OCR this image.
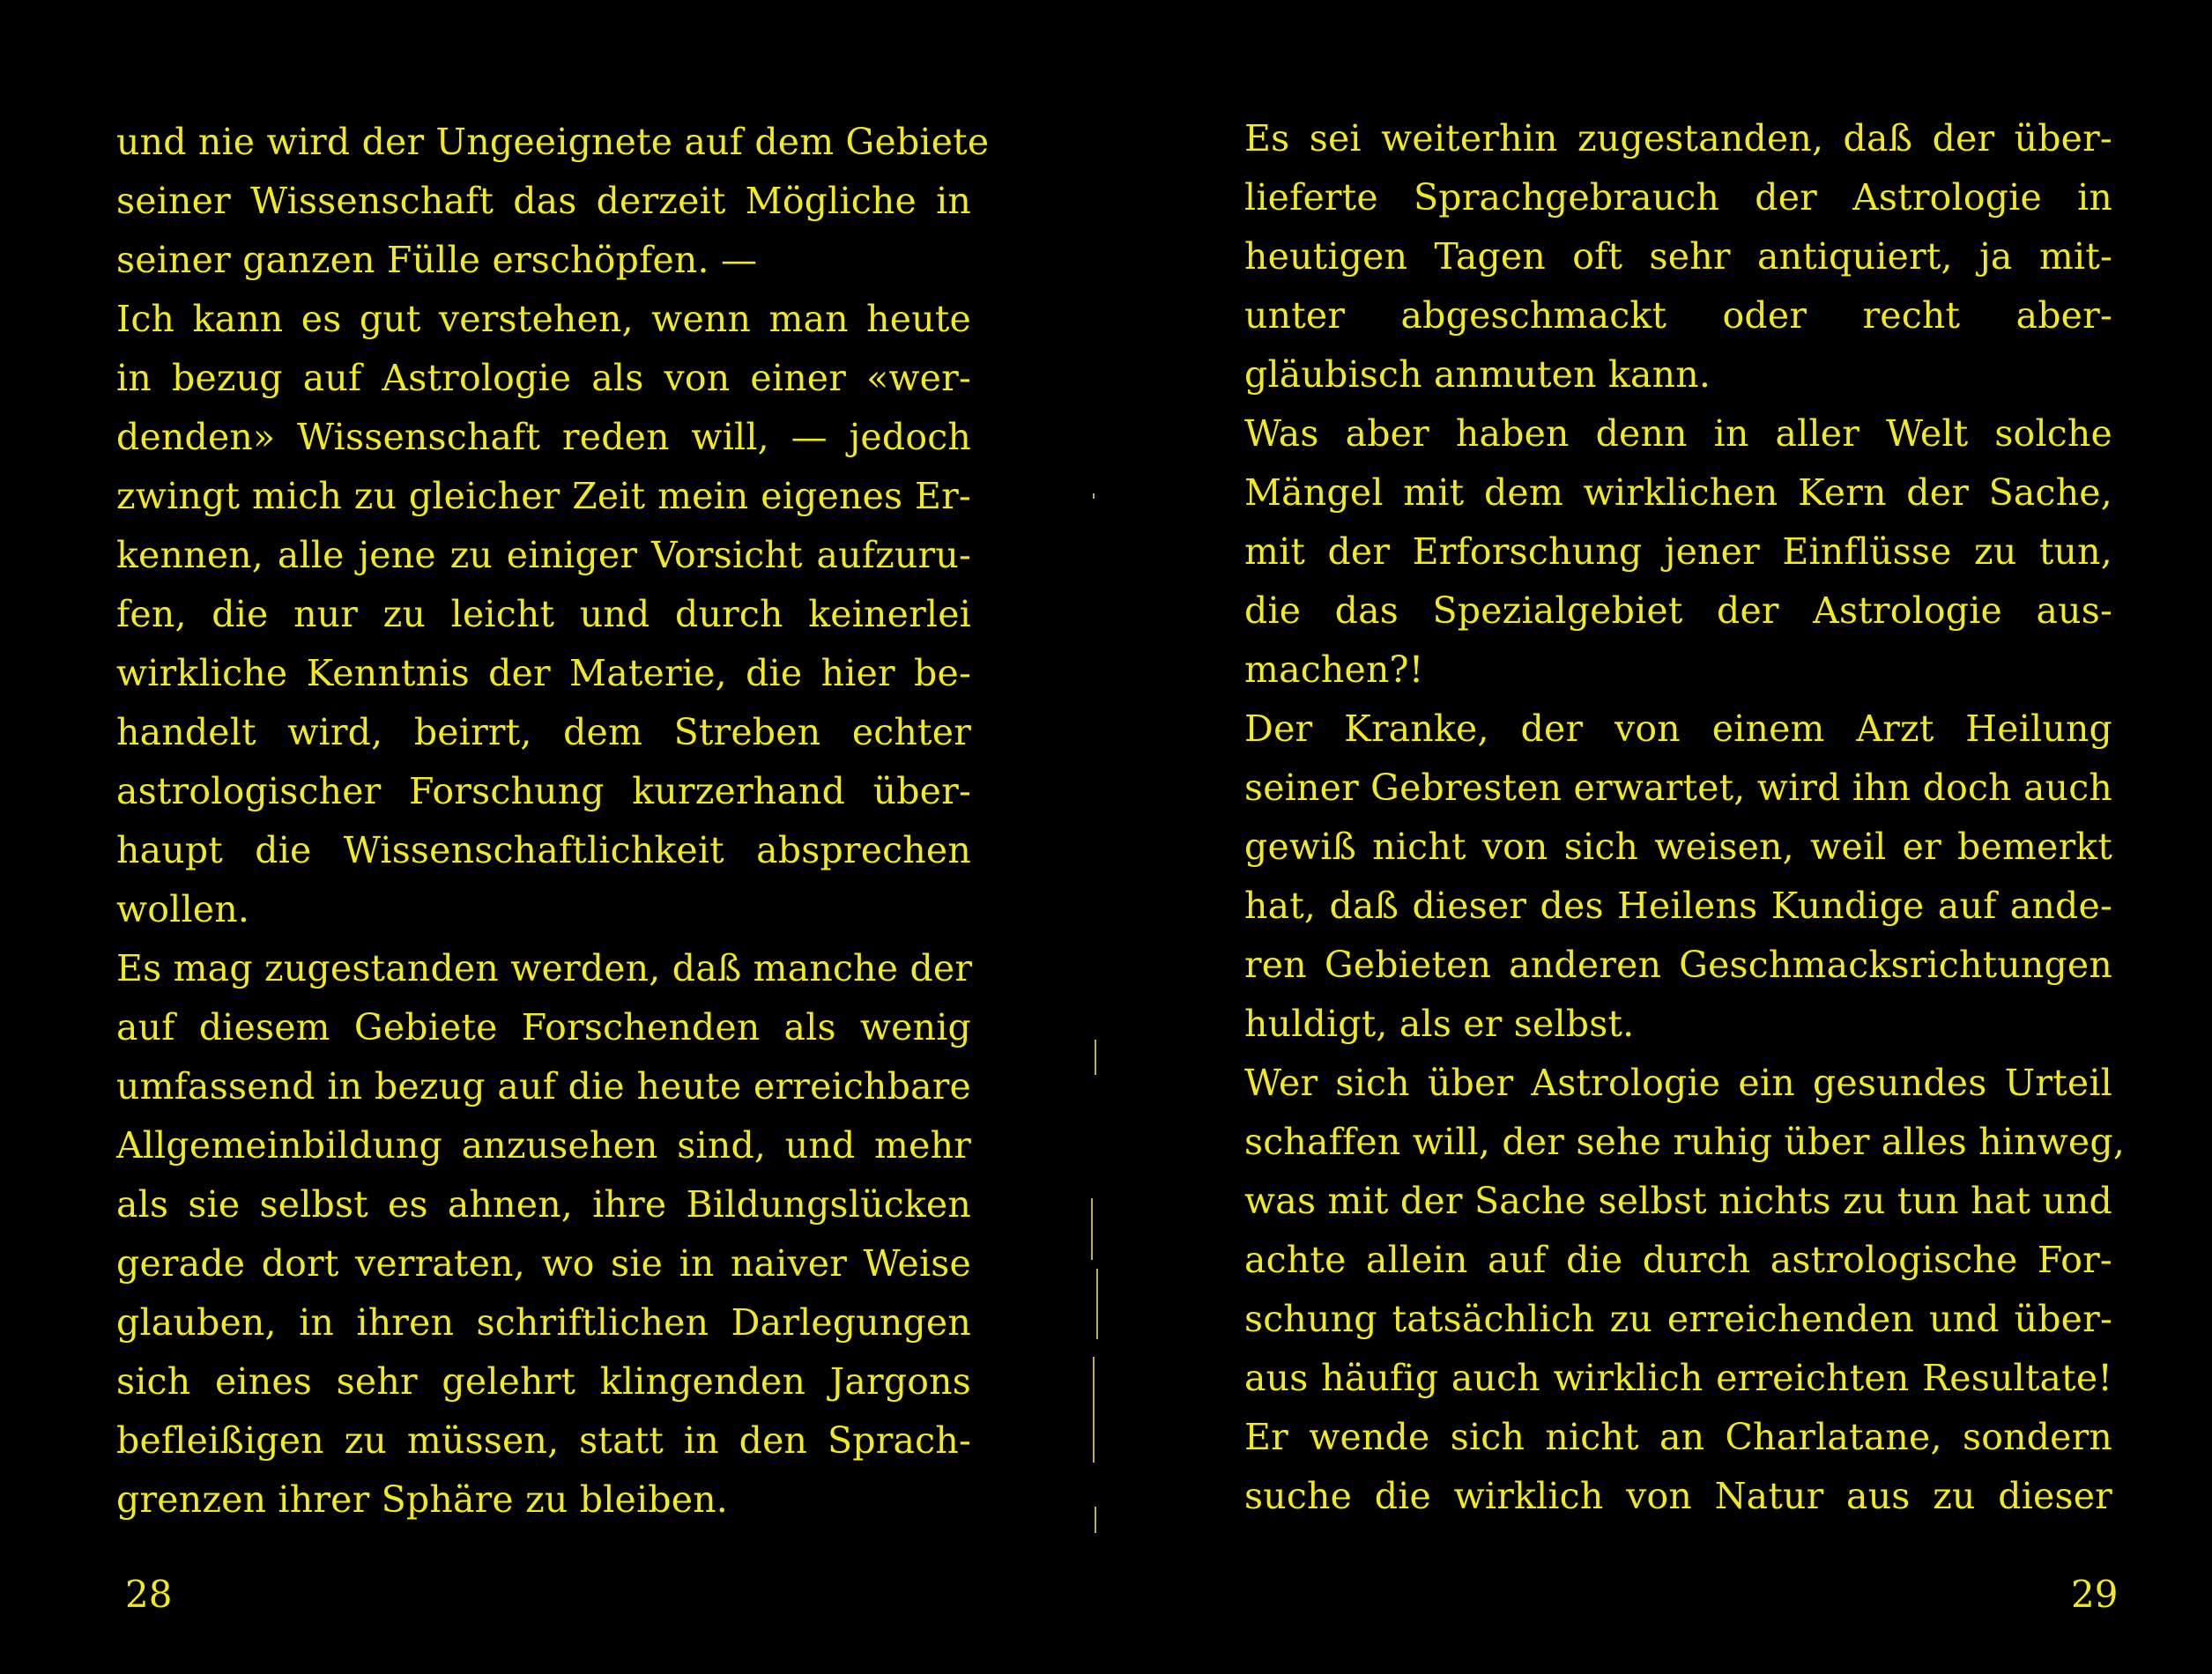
und nie wird der Ungeeignete auf dem Gebiete
seiner Wissenschaft das derzeit Mögliche in
seiner ganzen Fülle erschöpfen. —
Ich kann es gut verstehen, wenn man heute
in bezug auf Astrologie als von einer «wer-
denden» Wissenschaft reden will, — jedoch
zwingt mich zu gleicher Zeit mein eigenes Er-
kennen, alle jene zu einiger Vorsicht aufzuru-
fen, die nur zu leicht und durch keinerlei
wirkliche Kenntnis der Materie, die hier be-
handelt wird, beirrt, dem Streben echter
astrologischer Forschung kurzerhand über-
haupt die Wissenschaftlichkeit absprechen
wollen.
Es mag zugestanden werden, daß manche der
auf diesem Gebiete Forschenden als wenig
umfassend in bezug auf die heute erreichbare
Allgemeinbildung anzusehen sind, und mehr
als sie selbst es ahnen, ihre Bildungslücken
gerade dort verraten, wo sie in naiver Weise
glauben, in ihren schriftlichen Darlegungen
sich eines sehr gelehrt klingenden Jargons
befleißigen zu müssen, statt in den Sprach-
grenzen ihrer Sphäre zu bleiben.
28
Es sei weiterhin zugestanden, daß der über-
lieferte Sprachgebrauch der Astrologie in
heutigen Tagen oft sehr antiquiert, ja mit-
unter abgeschmackt oder recht aber-
gläubisch anmuten kann.
Was aber haben denn in aller Welt solche
Mängel mit dem wirklichen Kern der Sache,
mit der Erforschung jener Einflüsse zu tun,
die das Spezialgebiet der Astrologie aus-
machen?!
Der Kranke, der von einem Arzt Heilung
seiner Gebresten erwartet, wird ihn doch auch
gewiß nicht von sich weisen, weil er bemerkt
hat, daß dieser des Heilens Kundige auf ande-
ren Gebieten anderen Geschmacksrichtungen
huldigt, als er selbst.
Wer sich über Astrologie ein gesundes Urteil
schaffen will, der sehe ruhig über alles hinweg,
was mit der Sache selbst nichts zu tun hat und
achte allein auf die durch astrologische For-
schung tatsächlich zu erreichenden und über-
aus häufig auch wirklich erreichten Resultate!
Er wende sich nicht an Charlatane, sondern
suche die wirklich von Natur aus zu dieser
29
